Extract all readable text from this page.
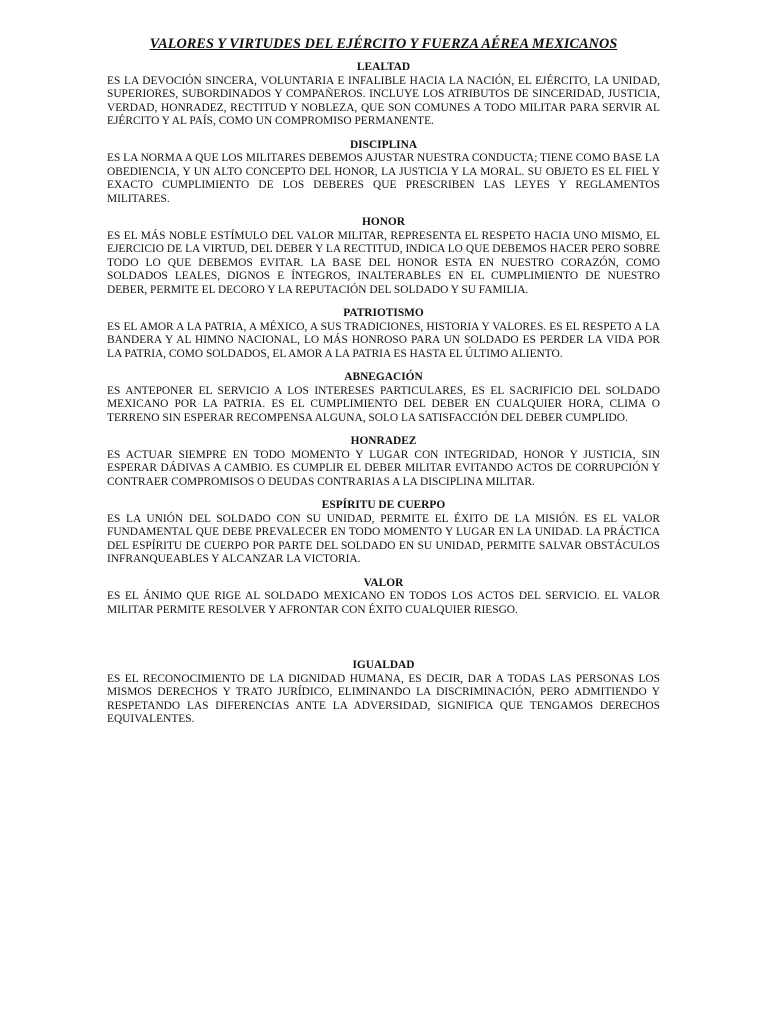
VALORES Y VIRTUDES DEL EJÉRCITO Y FUERZA AÉREA MEXICANOS

LEALTAD

ES LA DEVOCIÓN SINCERA, VOLUNTARIA E INFALIBLE HACIA LA NACIÓN, EL EJÉRCITO, LA UNIDAD, SUPERIORES, SUBORDINADOS Y COMPAÑEROS. INCLUYE LOS ATRIBUTOS DE SINCERIDAD, JUSTICIA, VERDAD, HONRADEZ, RECTITUD Y NOBLEZA, QUE SON COMUNES A TODO MILITAR PARA SERVIR AL EJÉRCITO Y AL PAÍS, COMO UN COMPROMISO PERMANENTE.

DISCIPLINA

ES LA NORMA A QUE LOS MILITARES DEBEMOS AJUSTAR NUESTRA CONDUCTA; TIENE COMO BASE LA OBEDIENCIA, Y UN ALTO CONCEPTO DEL HONOR, LA JUSTICIA Y LA MORAL. SU OBJETO ES EL FIEL Y EXACTO CUMPLIMIENTO DE LOS DEBERES QUE PRESCRIBEN LAS LEYES Y REGLAMENTOS MILITARES.

HONOR

ES EL MÁS NOBLE ESTÍMULO DEL VALOR MILITAR, REPRESENTA EL RESPETO HACIA UNO MISMO, EL EJERCICIO DE LA VIRTUD, DEL DEBER Y LA RECTITUD, INDICA LO QUE DEBEMOS HACER PERO SOBRE TODO LO QUE DEBEMOS EVITAR. LA BASE DEL HONOR ESTA EN NUESTRO CORAZÓN, COMO SOLDADOS LEALES, DIGNOS E ÍNTEGROS, INALTERABLES EN EL CUMPLIMIENTO DE NUESTRO DEBER, PERMITE EL DECORO Y LA REPUTACIÓN DEL SOLDADO Y SU FAMILIA.

PATRIOTISMO

ES EL AMOR A LA PATRIA, A MÉXICO, A SUS TRADICIONES, HISTORIA Y VALORES. ES EL RESPETO A LA BANDERA Y AL HIMNO NACIONAL, LO MÁS HONROSO PARA UN SOLDADO ES PERDER LA VIDA POR LA PATRIA, COMO SOLDADOS, EL AMOR A LA PATRIA ES HASTA EL ÚLTIMO ALIENTO.

ABNEGACIÓN

ES ANTEPONER EL SERVICIO A LOS INTERESES PARTICULARES, ES EL SACRIFICIO DEL SOLDADO MEXICANO POR LA PATRIA. ES EL CUMPLIMIENTO DEL DEBER EN CUALQUIER HORA, CLIMA O TERRENO SIN ESPERAR RECOMPENSA ALGUNA, SOLO LA SATISFACCIÓN DEL DEBER CUMPLIDO.

HONRADEZ

ES ACTUAR SIEMPRE EN TODO MOMENTO Y LUGAR CON INTEGRIDAD, HONOR Y JUSTICIA, SIN ESPERAR DÁDIVAS A CAMBIO. ES CUMPLIR EL DEBER MILITAR EVITANDO ACTOS DE CORRUPCIÓN Y CONTRAER COMPROMISOS O DEUDAS CONTRARIAS A LA DISCIPLINA MILITAR.

ESPÍRITU DE CUERPO

ES LA UNIÓN DEL SOLDADO CON SU UNIDAD, PERMITE EL ÉXITO DE LA MISIÓN. ES EL VALOR FUNDAMENTAL QUE DEBE PREVALECER EN TODO MOMENTO Y LUGAR EN LA UNIDAD. LA PRÁCTICA DEL ESPÍRITU DE CUERPO POR PARTE DEL SOLDADO EN SU UNIDAD, PERMITE SALVAR OBSTÁCULOS INFRANQUEABLES Y ALCANZAR LA VICTORIA.

VALOR

ES EL ÁNIMO QUE RIGE AL SOLDADO MEXICANO EN TODOS LOS ACTOS DEL SERVICIO. EL VALOR MILITAR PERMITE RESOLVER Y AFRONTAR CON ÉXITO CUALQUIER RIESGO.

IGUALDAD

ES EL RECONOCIMIENTO DE LA DIGNIDAD HUMANA, ES DECIR, DAR A TODAS LAS PERSONAS LOS MISMOS DERECHOS Y TRATO JURÍDICO, ELIMINANDO LA DISCRIMINACIÓN, PERO ADMITIENDO Y RESPETANDO LAS DIFERENCIAS ANTE LA ADVERSIDAD, SIGNIFICA QUE TENGAMOS DERECHOS EQUIVALENTES.
